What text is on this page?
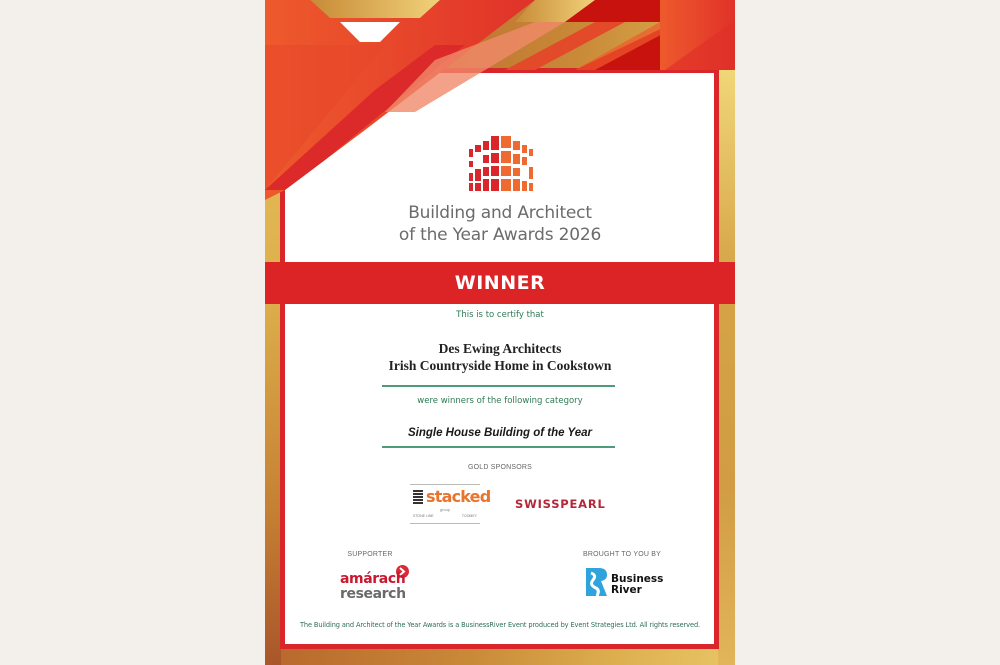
Building and Architect
of the Year Awards 2026
WINNER
This is to certify that
Des Ewing Architects
Irish Countryside Home in Cookstown
were winners of the following category
Single House Building of the Year
GOLD SPONSORS
stacked
group
STONE LINE	TOOMEY
SWISSPEARL
SUPPORTER	BROUGHT TO YOU BY
amárach
research
Business
River
The Building and Architect of the Year Awards is a BusinessRiver Event produced by Event Strategies Ltd. All rights reserved.
